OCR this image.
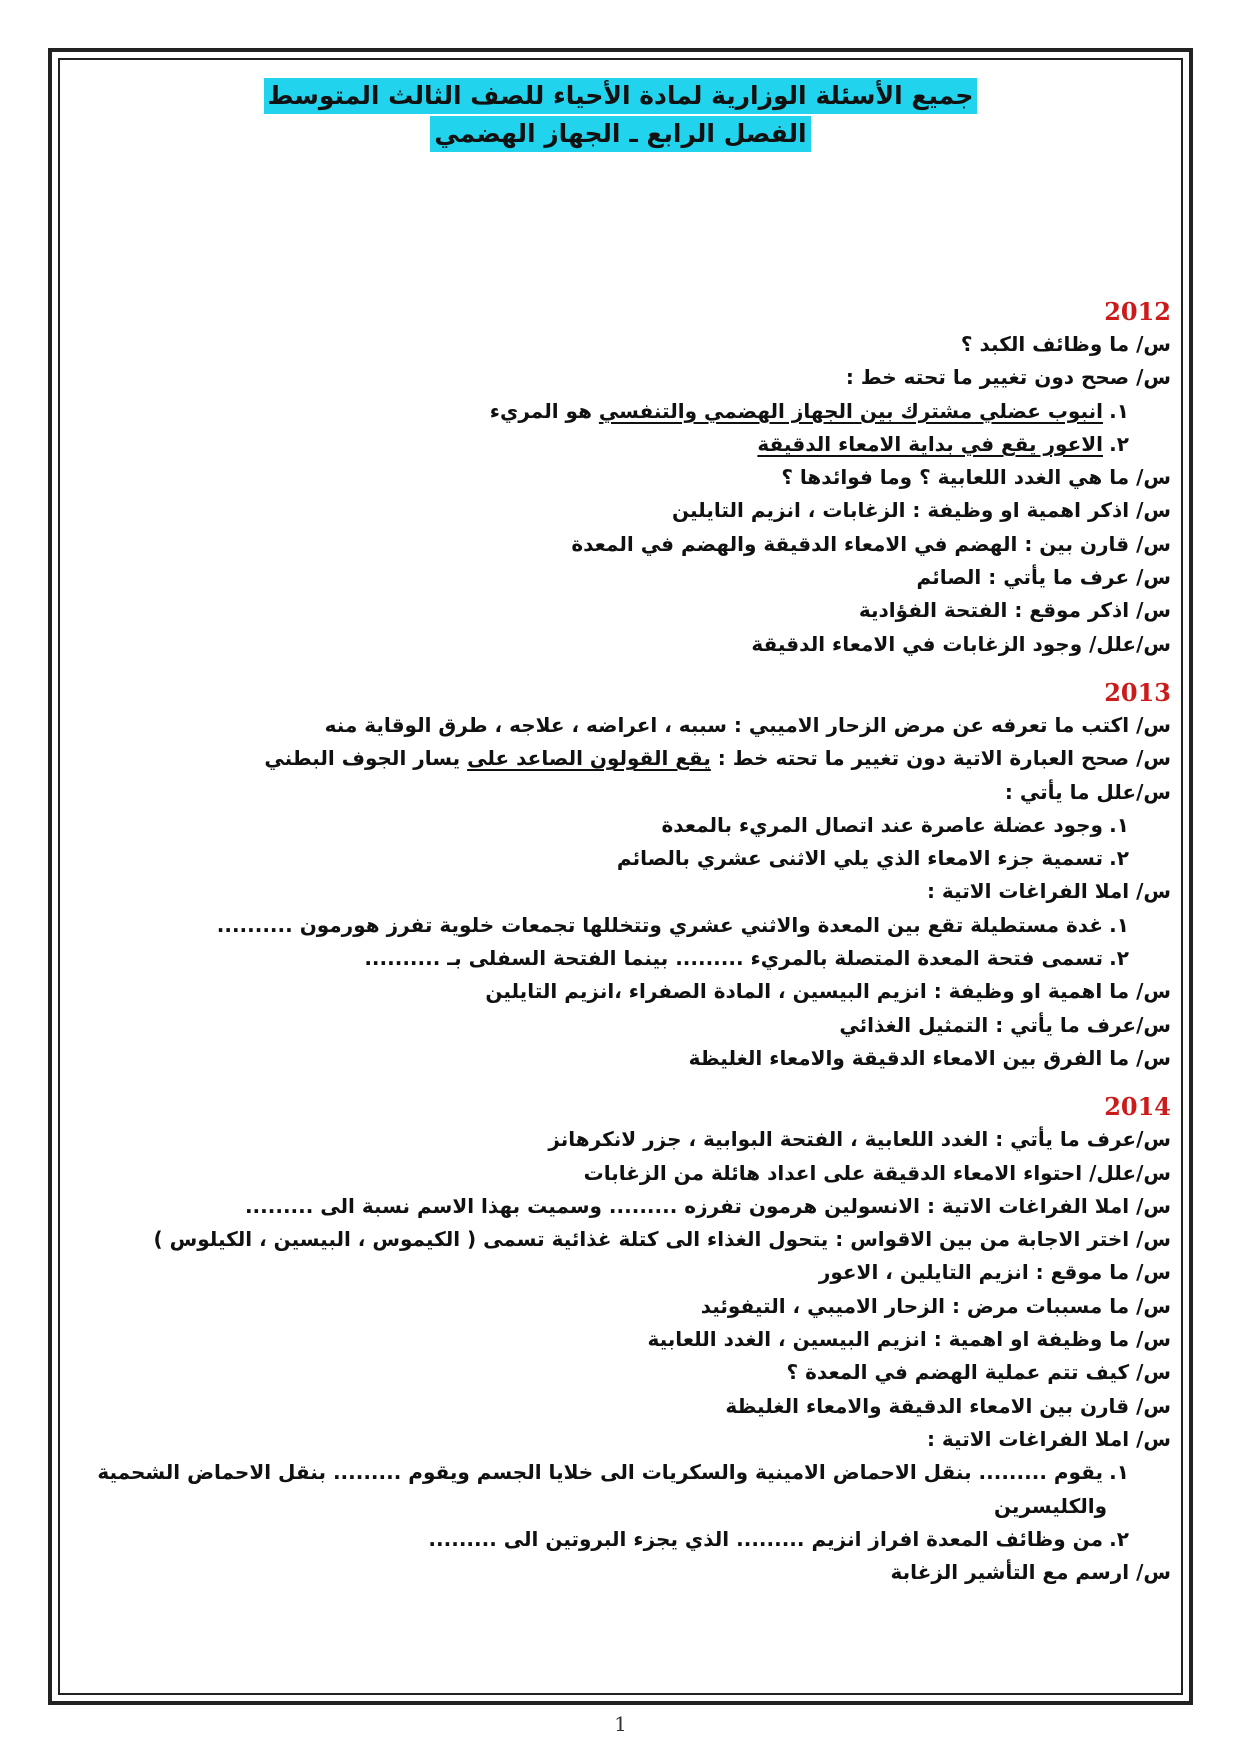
جميع الأسئلة الوزارية لمادة الأحياء للصف الثالث المتوسط
الفصل الرابع ـ الجهاز الهضمي
2012
س/ ما وظائف الكبد ؟
س/ صحح دون تغيير ما تحته خط :
١.انبوب عضلي مشترك بين الجهاز الهضمي والتنفسي هو المريء
٢.الاعور يقع في بداية الامعاء الدقيقة
س/ ما هي الغدد اللعابية ؟ وما فوائدها ؟
س/ اذكر اهمية او وظيفة : الزغابات ، انزيم التايلين
س/ قارن بين : الهضم في الامعاء الدقيقة والهضم في المعدة
س/ عرف ما يأتي : الصائم
س/ اذكر موقع : الفتحة الفؤادية
س/علل/ وجود الزغابات في الامعاء الدقيقة
2013
س/ اكتب ما تعرفه عن مرض الزحار الاميبي : سببه ، اعراضه ، علاجه ، طرق الوقاية منه
س/ صحح العبارة الاتية دون تغيير ما تحته خط : يقع القولون الصاعد على يسار الجوف البطني
س/علل ما يأتي :
١.وجود عضلة عاصرة عند اتصال المريء بالمعدة
٢.تسمية جزء الامعاء الذي يلي الاثنى عشري بالصائم
س/ املا الفراغات الاتية :
١.غدة مستطيلة تقع بين المعدة والاثني عشري وتتخللها تجمعات خلوية تفرز هورمون ..........
٢.تسمى فتحة المعدة المتصلة بالمريء ......... بينما الفتحة السفلى بـ ..........
س/ ما اهمية او وظيفة : انزيم البيسين ، المادة الصفراء ،انزيم التايلين
س/عرف ما يأتي : التمثيل الغذائي
س/ ما الفرق بين الامعاء الدقيقة والامعاء الغليظة
2014
س/عرف ما يأتي : الغدد اللعابية ، الفتحة البوابية ، جزر لانكرهانز
س/علل/ احتواء الامعاء الدقيقة على اعداد هائلة من الزغابات
س/ املا الفراغات الاتية : الانسولين هرمون تفرزه ......... وسميت بهذا الاسم نسبة الى .........
س/ اختر الاجابة من بين الاقواس : يتحول الغذاء الى كتلة غذائية تسمى ( الكيموس ، البيسين ، الكيلوس )
س/ ما موقع : انزيم التايلين ، الاعور
س/ ما مسببات مرض : الزحار الاميبي ، التيفوئيد
س/ ما وظيفة او اهمية : انزيم البيسين ، الغدد اللعابية
س/ كيف تتم عملية الهضم في المعدة ؟
س/ قارن بين الامعاء الدقيقة والامعاء الغليظة
س/ املا الفراغات الاتية :
١.يقوم ......... بنقل الاحماض الامينية والسكريات الى خلايا الجسم ويقوم ......... بنقل الاحماض الشحمية
والكليسرين
٢.من وظائف المعدة افراز انزيم ......... الذي يجزء البروتين الى .........
س/ ارسم مع التأشير الزغابة
1
